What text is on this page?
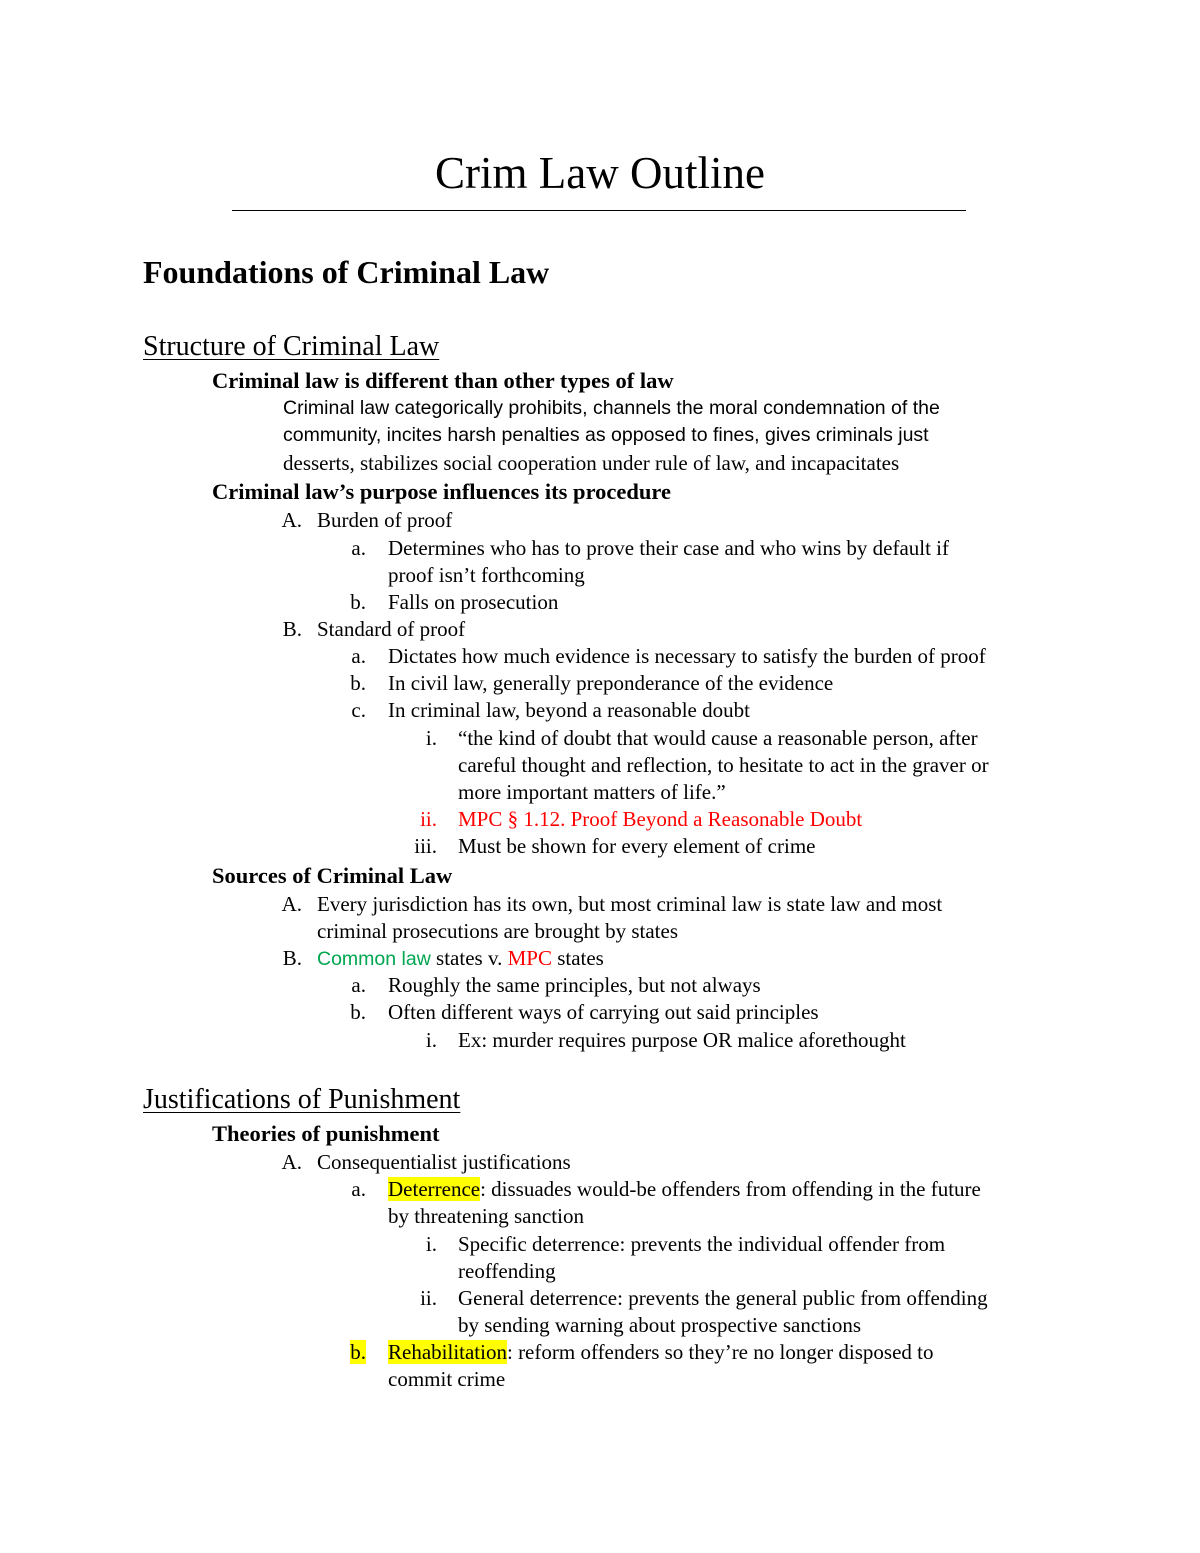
Crim Law Outline
Foundations of Criminal Law
Structure of Criminal Law
Criminal law is different than other types of law
Criminal law categorically prohibits, channels the moral condemnation of the
community, incites harsh penalties as opposed to fines, gives criminals just
desserts, stabilizes social cooperation under rule of law, and incapacitates
Criminal law’s purpose influences its procedure
A. Burden of proof
a. Determines who has to prove their case and who wins by default if
proof isn’t forthcoming
b. Falls on prosecution
B. Standard of proof
a. Dictates how much evidence is necessary to satisfy the burden of proof
b. In civil law, generally preponderance of the evidence
c. In criminal law, beyond a reasonable doubt
i. “the kind of doubt that would cause a reasonable person, after
careful thought and reflection, to hesitate to act in the graver or
more important matters of life.”
ii. MPC § 1.12. Proof Beyond a Reasonable Doubt
iii. Must be shown for every element of crime
Sources of Criminal Law
A. Every jurisdiction has its own, but most criminal law is state law and most
criminal prosecutions are brought by states
B. Common law states v. MPC states
a. Roughly the same principles, but not always
b. Often different ways of carrying out said principles
i. Ex: murder requires purpose OR malice aforethought
Justifications of Punishment
Theories of punishment
A. Consequentialist justifications
a. Deterrence: dissuades would-be offenders from offending in the future
by threatening sanction
i. Specific deterrence: prevents the individual offender from
reoffending
ii. General deterrence: prevents the general public from offending
by sending warning about prospective sanctions
b. Rehabilitation: reform offenders so they’re no longer disposed to
commit crime
